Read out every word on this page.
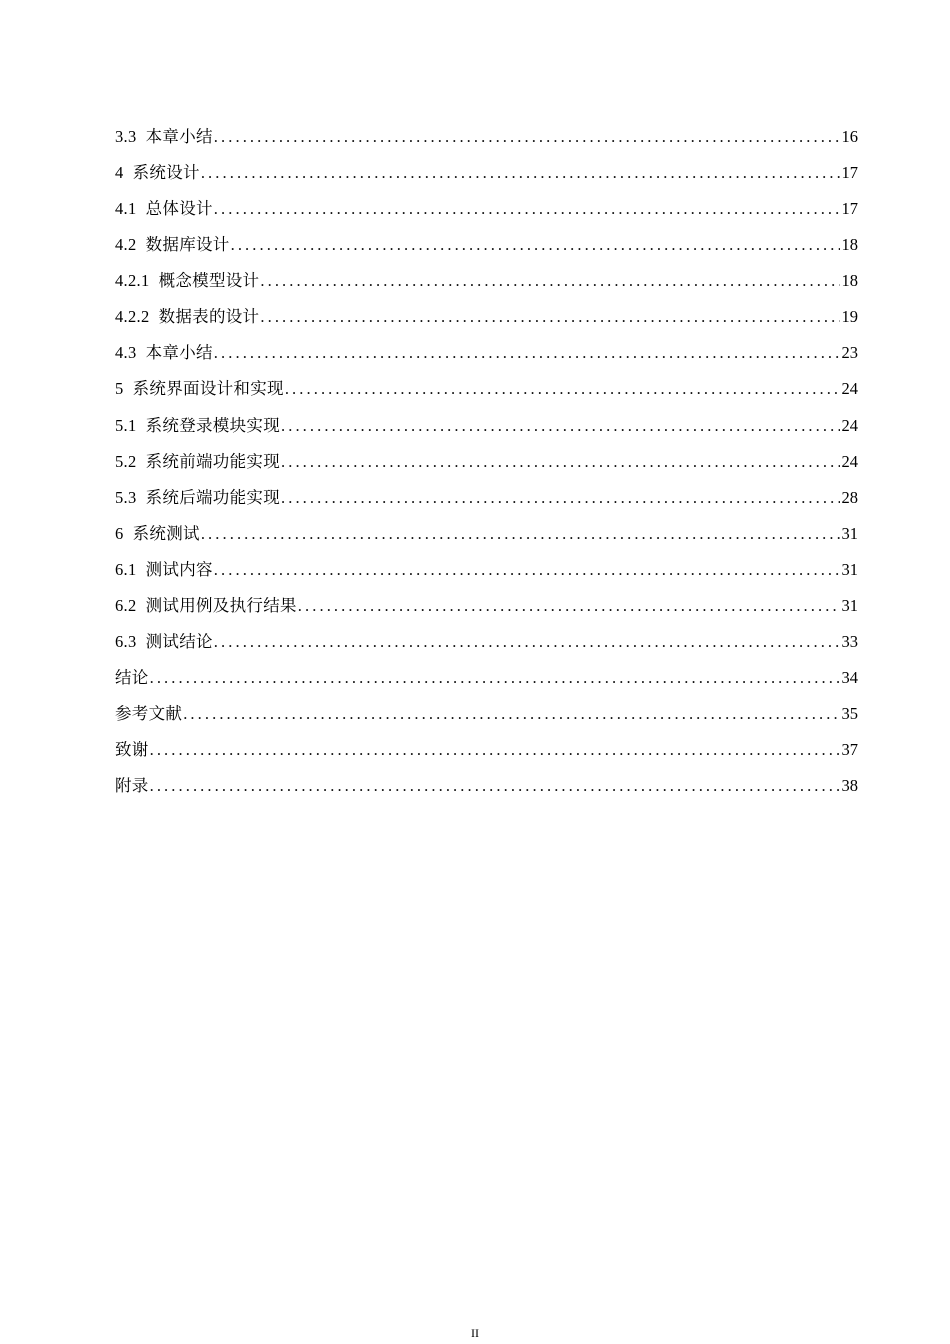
3.3 本章小结 .....	16
4 系统设计 .....	17
4.1 总体设计 .....	17
4.2 数据库设计 .....	18
4.2.1 概念模型设计 .....	18
4.2.2 数据表的设计 .....	19
4.3 本章小结 .....	23
5 系统界面设计和实现 .....	24
5.1 系统登录模块实现 .....	24
5.2 系统前端功能实现 .....	24
5.3 系统后端功能实现 .....	28
6 系统测试 .....	31
6.1 测试内容 .....	31
6.2 测试用例及执行结果 .....	31
6.3 测试结论 .....	33
结论 .....	34
参考文献 .....	35
致谢 .....	37
附录 .....	38
II
